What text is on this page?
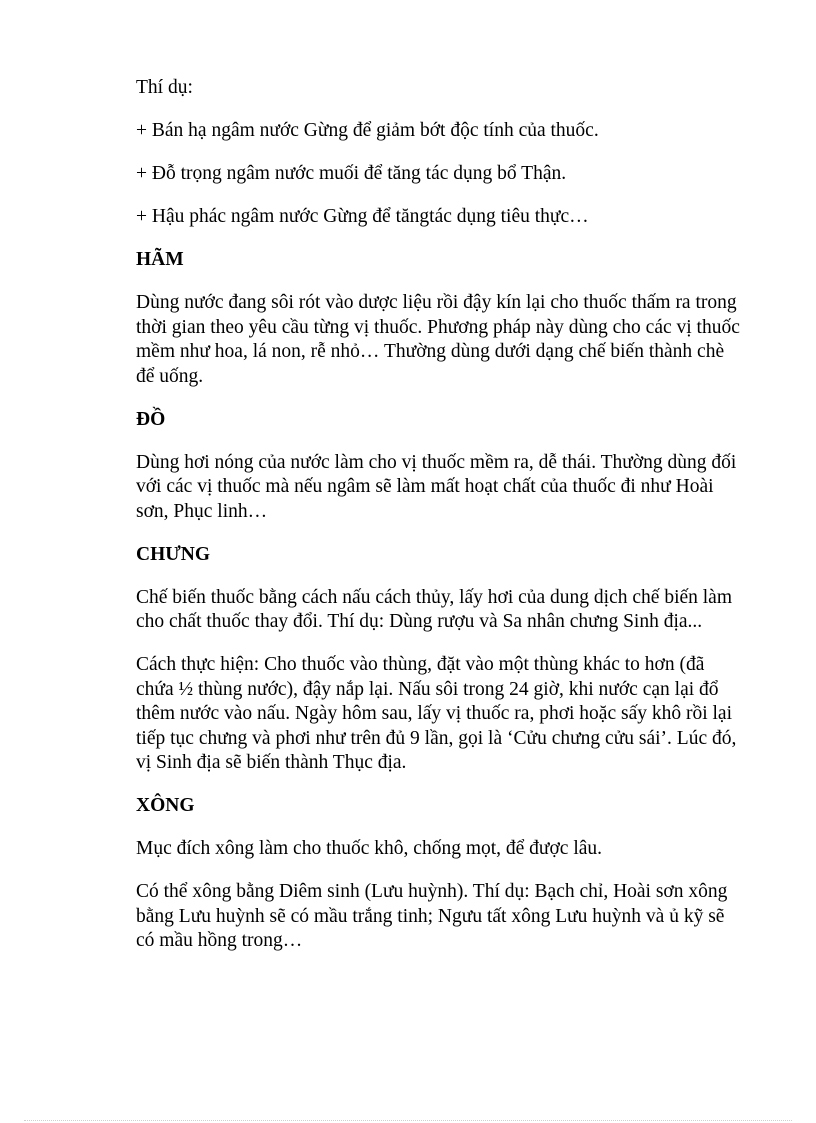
Thí dụ:

+ Bán hạ ngâm nước Gừng để giảm bớt độc tính của thuốc.

+ Đỗ trọng ngâm nước muối để tăng tác dụng bổ Thận.

+ Hậu phác ngâm nước Gừng để tăngtác dụng tiêu thực…

HÃM

Dùng nước đang sôi rót vào dược liệu rồi đậy kín lại cho thuốc thấm ra trong thời gian theo yêu cầu từng vị thuốc. Phương pháp này dùng cho các vị thuốc mềm như hoa, lá non, rễ nhỏ… Thường dùng dưới dạng chế biến thành chè để uống.

ĐỒ

Dùng hơi nóng của nước làm cho vị thuốc mềm ra, dễ thái. Thường dùng đối với các vị thuốc mà nếu ngâm sẽ làm mất hoạt chất của thuốc đi như Hoài sơn, Phục linh…

CHƯNG

Chế biến thuốc bằng cách nấu cách thủy, lấy hơi của dung dịch chế biến làm cho chất thuốc thay đổi. Thí dụ: Dùng rượu và Sa nhân chưng Sinh địa...

Cách thực hiện: Cho thuốc vào thùng, đặt vào một thùng khác to hơn (đã chứa ½ thùng nước), đậy nắp lại. Nấu sôi trong 24 giờ, khi nước cạn lại đổ thêm nước vào nấu. Ngày hôm sau, lấy vị thuốc ra, phơi hoặc sấy khô rồi lại tiếp tục chưng và phơi như trên đủ 9 lần, gọi là ‘Cửu chưng cửu sái’. Lúc đó, vị Sinh địa sẽ biến thành Thục địa.

XÔNG

Mục đích xông làm cho thuốc khô, chống mọt, để được lâu.

Có thể xông bằng Diêm sinh (Lưu huỳnh). Thí dụ: Bạch chỉ, Hoài sơn xông bằng Lưu huỳnh sẽ có mầu trắng tinh; Ngưu tất xông Lưu huỳnh và ủ kỹ sẽ có mầu hồng trong…
